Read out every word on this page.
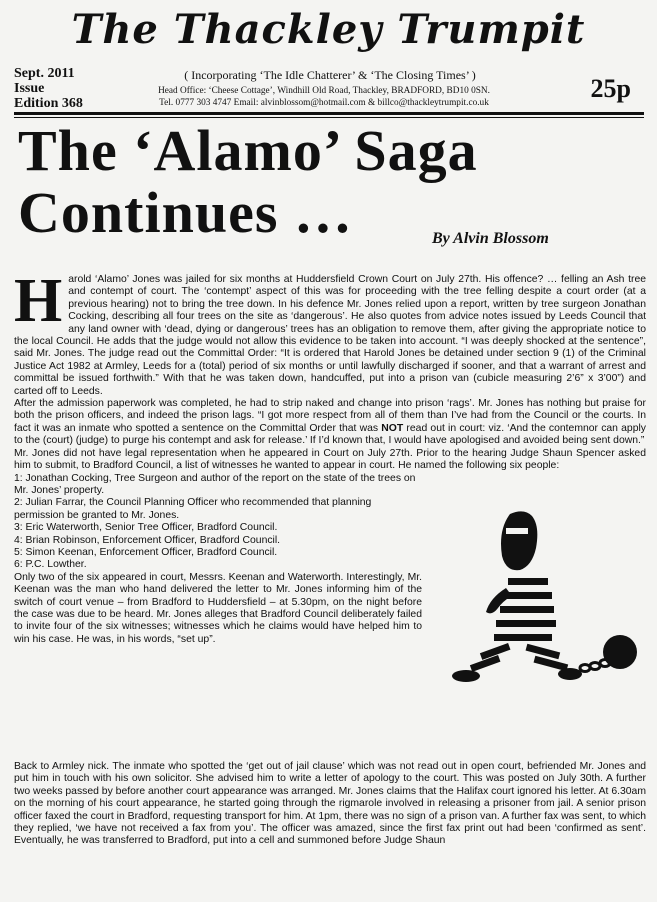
The Thackley Trumpit
Sept. 2011
Issue
Edition 368
( Incorporating ‘The Idle Chatterer’ & ‘The Closing Times’ )
Head Office: ‘Cheese Cottage’, Windhill Old Road, Thackley, BRADFORD, BD10 0SN.
Tel. 0777 303 4747 Email: alvinblossom@hotmail.com & billco@thackleytrumpit.co.uk	25p
The ‘Alamo’ Saga
Continues …	By Alvin Blossom

Harold ‘Alamo’ Jones was jailed for six months at Huddersfield Crown Court on July 27th. His offence? … felling an Ash tree and contempt of court. The ‘contempt’ aspect of this was for proceeding with the tree felling despite a court order (at a previous hearing) not to bring the tree down. In his defence Mr. Jones relied upon a report, written by tree surgeon Jonathan Cocking, describing all four trees on the site as ‘dangerous’. He also quotes from advice notes issued by Leeds Council that any land owner with ‘dead, dying or dangerous’ trees has an obligation to remove them, after giving the appropriate notice to the local Council. He adds that the judge would not allow this evidence to be taken into account. “I was deeply shocked at the sentence”, said Mr. Jones. The judge read out the Committal Order: “It is ordered that Harold Jones be detained under section 9 (1) of the Criminal Justice Act 1982 at Armley, Leeds for a (total) period of six months or until lawfully discharged if sooner, and that a warrant of arrest and committal be issued forthwith.” With that he was taken down, handcuffed, put into a prison van (cubicle measuring 2’6” x 3’00”) and carted off to Leeds.

After the admission paperwork was completed, he had to strip naked and change into prison ‘rags’. Mr. Jones has nothing but praise for both the prison officers, and indeed the prison lags. “I got more respect from all of them than I’ve had from the Council or the courts. In fact it was an inmate who spotted a sentence on the Committal Order that was NOT read out in court: viz. ‘And the contemnor can apply to the (court) (judge) to purge his contempt and ask for release.’ If I’d known that, I would have apologised and avoided being sent down.”

Mr. Jones did not have legal representation when he appeared in Court on July 27th. Prior to the hearing Judge Shaun Spencer asked him to submit, to Bradford Council, a list of witnesses he wanted to appear in court. He named the following six people:

1: Jonathan Cocking, Tree Surgeon and author of the report on the state of the trees on Mr. Jones’ property.

2: Julian Farrar, the Council Planning Officer who recommended that planning permission be granted to Mr. Jones.

3: Eric Waterworth, Senior Tree Officer, Bradford Council.

4: Brian Robinson, Enforcement Officer, Bradford Council.

5: Simon Keenan, Enforcement Officer, Bradford Council.

6: P.C. Lowther.

Only two of the six appeared in court, Messrs. Keenan and Waterworth. Interestingly, Mr. Keenan was the man who hand delivered the letter to Mr. Jones informing him of the switch of court venue – from Bradford to Huddersfield – at 5.30pm, on the night before the case was due to be heard. Mr. Jones alleges that Bradford Council deliberately failed to invite four of the six witnesses; witnesses which he claims would have helped him to win his case. He was, in his words, “set up”.

Back to Armley nick. The inmate who spotted the ‘get out of jail clause’ which was not read out in open court, befriended Mr. Jones and put him in touch with his own solicitor. She advised him to write a letter of apology to the court. This was posted on July 30th. A further two weeks passed by before another court appearance was arranged. Mr. Jones claims that the Halifax court ignored his letter. At 6.30am on the morning of his court appearance, he started going through the rigmarole involved in releasing a prisoner from jail. A senior prison officer faxed the court in Bradford, requesting transport for him. At 1pm, there was no sign of a prison van. A further fax was sent, to which they replied, ‘we have not received a fax from you’. The officer was amazed, since the first fax print out had been ‘confirmed as sent’. Eventually, he was transferred to Bradford, put into a cell and summoned before Judge Shaun
